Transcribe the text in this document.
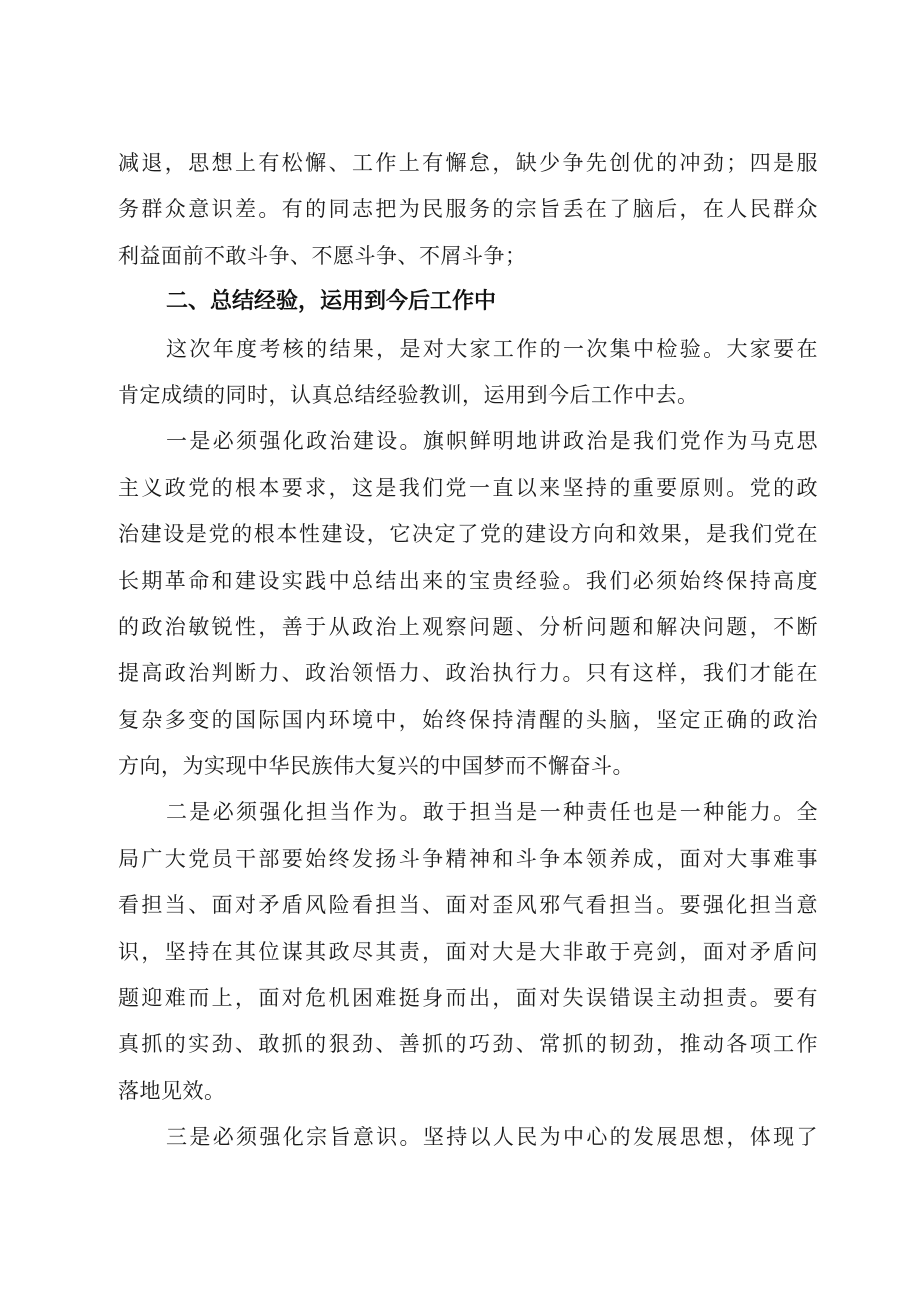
减退，思想上有松懈、工作上有懈怠，缺少争先创优的冲劲；四是服
务群众意识差。有的同志把为民服务的宗旨丢在了脑后，在人民群众
利益面前不敢斗争、不愿斗争、不屑斗争；
二、总结经验，运用到今后工作中
这次年度考核的结果，是对大家工作的一次集中检验。大家要在
肯定成绩的同时，认真总结经验教训，运用到今后工作中去。
一是必须强化政治建设。旗帜鲜明地讲政治是我们党作为马克思
主义政党的根本要求，这是我们党一直以来坚持的重要原则。党的政
治建设是党的根本性建设，它决定了党的建设方向和效果，是我们党在
长期革命和建设实践中总结出来的宝贵经验。我们必须始终保持高度
的政治敏锐性，善于从政治上观察问题、分析问题和解决问题，不断
提高政治判断力、政治领悟力、政治执行力。只有这样，我们才能在
复杂多变的国际国内环境中，始终保持清醒的头脑，坚定正确的政治
方向，为实现中华民族伟大复兴的中国梦而不懈奋斗。
二是必须强化担当作为。敢于担当是一种责任也是一种能力。全
局广大党员干部要始终发扬斗争精神和斗争本领养成，面对大事难事
看担当、面对矛盾风险看担当、面对歪风邪气看担当。要强化担当意
识，坚持在其位谋其政尽其责，面对大是大非敢于亮剑，面对矛盾问
题迎难而上，面对危机困难挺身而出，面对失误错误主动担责。要有
真抓的实劲、敢抓的狠劲、善抓的巧劲、常抓的韧劲，推动各项工作
落地见效。
三是必须强化宗旨意识。坚持以人民为中心的发展思想，体现了
